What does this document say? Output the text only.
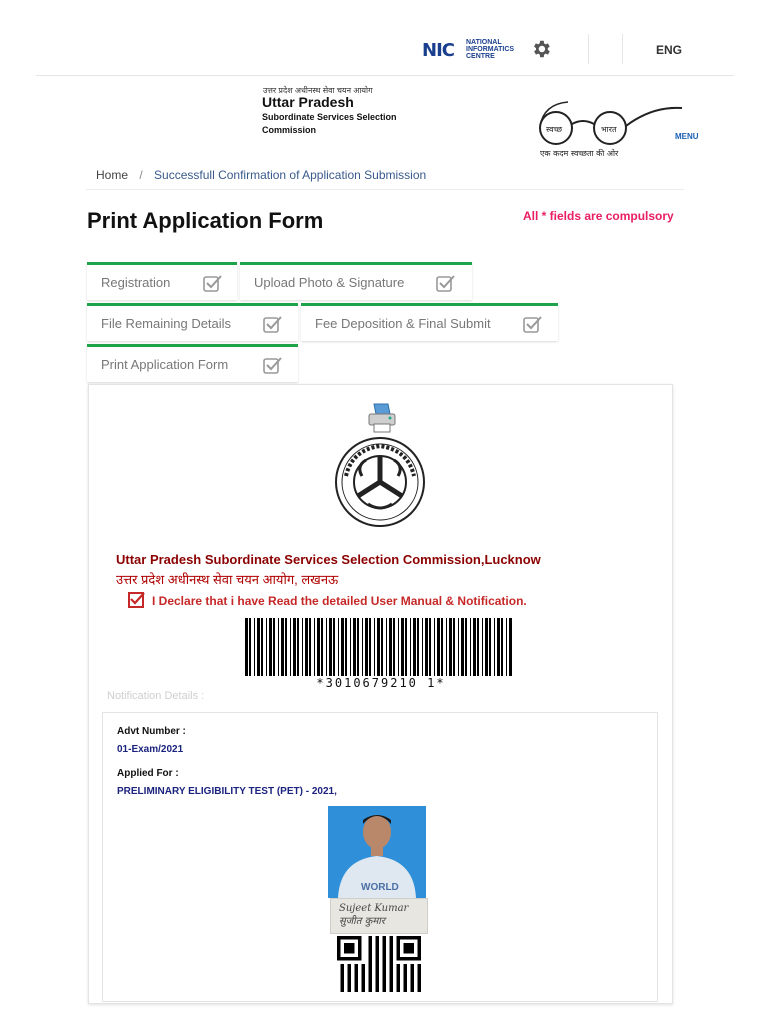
NIC NATIONAL
INFORMATICS
CENTRE	ENG
उत्तर प्रदेश अधीनस्थ सेवा चयन आयोग
Uttar Pradesh
Subordinate Services Selection Commission	स्वच्छ	भारत
एक कदम स्वच्छता की ओर
MENU
Home / Successfull Confirmation of Application Submission
Print Application Form	All * fields are compulsory
Registration	Upload Photo & Signature
File Remaining Details	Fee Deposition & Final Submit
Print Application Form
Uttar Pradesh Subordinate Services Selection Commission,Lucknow
उत्तर प्रदेश अधीनस्थ सेवा चयन आयोग, लखनऊ
I Declare that i have Read the detailed User Manual & Notification.
*3010679210 1*
Notification Details :
Advt Number :
01-Exam/2021
Applied For :
PRELIMINARY ELIGIBILITY TEST (PET) - 2021,
WORLD
Sujeet Kumar
सुजीत कुमार
